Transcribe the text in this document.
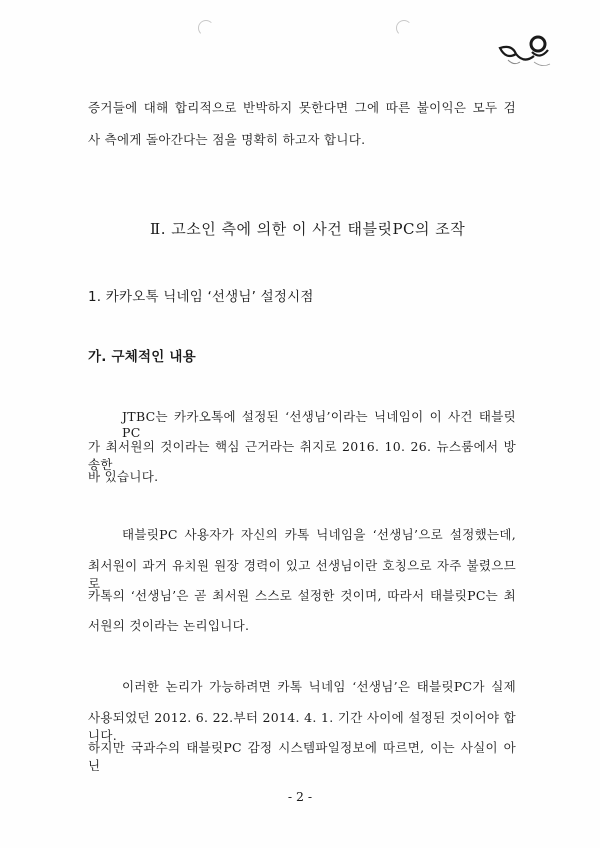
증거들에 대해 합리적으로 반박하지 못한다면 그에 따른 불이익은 모두 검
사 측에게 돌아간다는 점을 명확히 하고자 합니다.
Ⅱ. 고소인 측에 의한 이 사건 태블릿PC의 조작
1. 카카오톡 닉네임 ‘선생님’ 설정시점
가. 구체적인 내용
JTBC는 카카오톡에 설정된 ‘선생님’이라는 닉네임이 이 사건 태블릿PC
가 최서원의 것이라는 핵심 근거라는 취지로 2016. 10. 26. 뉴스룸에서 방송한
바 있습니다.
태블릿PC 사용자가 자신의 카톡 닉네임을 ‘선생님’으로 설정했는데,
최서원이 과거 유치원 원장 경력이 있고 선생님이란 호칭으로 자주 불렸으므로
카톡의 ‘선생님’은 곧 최서원 스스로 설정한 것이며, 따라서 태블릿PC는 최
서원의 것이라는 논리입니다.
이러한 논리가 가능하려면 카톡 닉네임 ‘선생님’은 태블릿PC가 실제
사용되었던 2012. 6. 22.부터 2014. 4. 1. 기간 사이에 설정된 것이어야 합니다.
하지만 국과수의 태블릿PC 감정 시스템파일정보에 따르면, 이는 사실이 아닌
- 2 -
